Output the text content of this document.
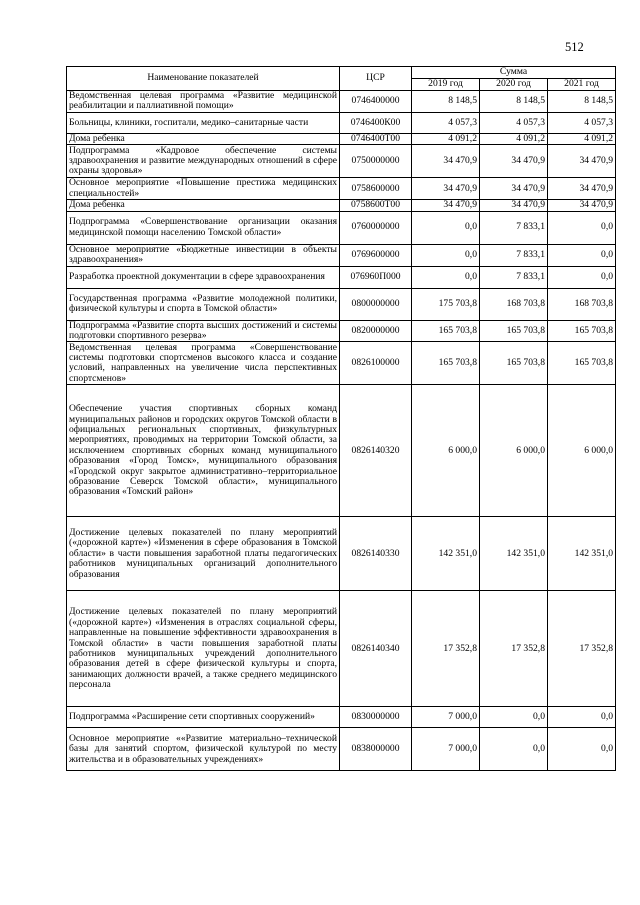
512
Наименование показателей	ЦСР	Сумма		
		2019 год	2020 год	2021 год
Ведомственная целевая программа «Развитие медицинской реабилитации и паллиативной помощи»	0746400000	8 148,5	8 148,5	8 148,5
Больницы, клиники, госпитали, медико–санитарные части	0746400К00	4 057,3	4 057,3	4 057,3
Дома ребенка	0746400Т00	4 091,2	4 091,2	4 091,2
Подпрограмма «Кадровое обеспечение системы здравоохранения и развитие международных отношений в сфере охраны здоровья»	0750000000	34 470,9	34 470,9	34 470,9
Основное мероприятие «Повышение престижа медицинских специальностей»	0758600000	34 470,9	34 470,9	34 470,9
Дома ребенка	0758600Т00	34 470,9	34 470,9	34 470,9
Подпрограмма «Совершенствование организации оказания медицинской помощи населению Томской области»	0760000000	0,0	7 833,1	0,0
Основное мероприятие «Бюджетные инвестиции в объекты здравоохранения»	0769600000	0,0	7 833,1	0,0
Разработка проектной документации в сфере здравоохранения	076960П000	0,0	7 833,1	0,0
Государственная программа «Развитие молодежной политики, физической культуры и спорта в Томской области»	0800000000	175 703,8	168 703,8	168 703,8
Подпрограмма «Развитие спорта высших достижений и системы подготовки спортивного резерва»	0820000000	165 703,8	165 703,8	165 703,8
Ведомственная целевая программа «Совершенствование системы подготовки спортсменов высокого класса и создание условий, направленных на увеличение числа перспективных спортсменов»	0826100000	165 703,8	165 703,8	165 703,8
Обеспечение участия спортивных сборных команд муниципальных районов и городских округов Томской области в официальных региональных спортивных, физкультурных мероприятиях, проводимых на территории Томской области, за исключением спортивных сборных команд муниципального образования «Город Томск», муниципального образования «Городской округ закрытое административно–территориальное образование Северск Томской области», муниципального образования «Томский район»	0826140320	6 000,0	6 000,0	6 000,0
Достижение целевых показателей по плану мероприятий («дорожной карте») «Изменения в сфере образования в Томской области» в части повышения заработной платы педагогических работников муниципальных организаций дополнительного образования	0826140330	142 351,0	142 351,0	142 351,0
Достижение целевых показателей по плану мероприятий («дорожной карте») «Изменения в отраслях социальной сферы, направленные на повышение эффективности здравоохранения в Томской области» в части повышения заработной платы работников муниципальных учреждений дополнительного образования детей в сфере физической культуры и спорта, занимающих должности врачей, а также среднего медицинского персонала	0826140340	17 352,8	17 352,8	17 352,8
Подпрограмма «Расширение сети спортивных сооружений»	0830000000	7 000,0	0,0	0,0
Основное мероприятие ««Развитие материально–технической базы для занятий спортом, физической культурой по месту жительства и в образовательных учреждениях»	0838000000	7 000,0	0,0	0,0
